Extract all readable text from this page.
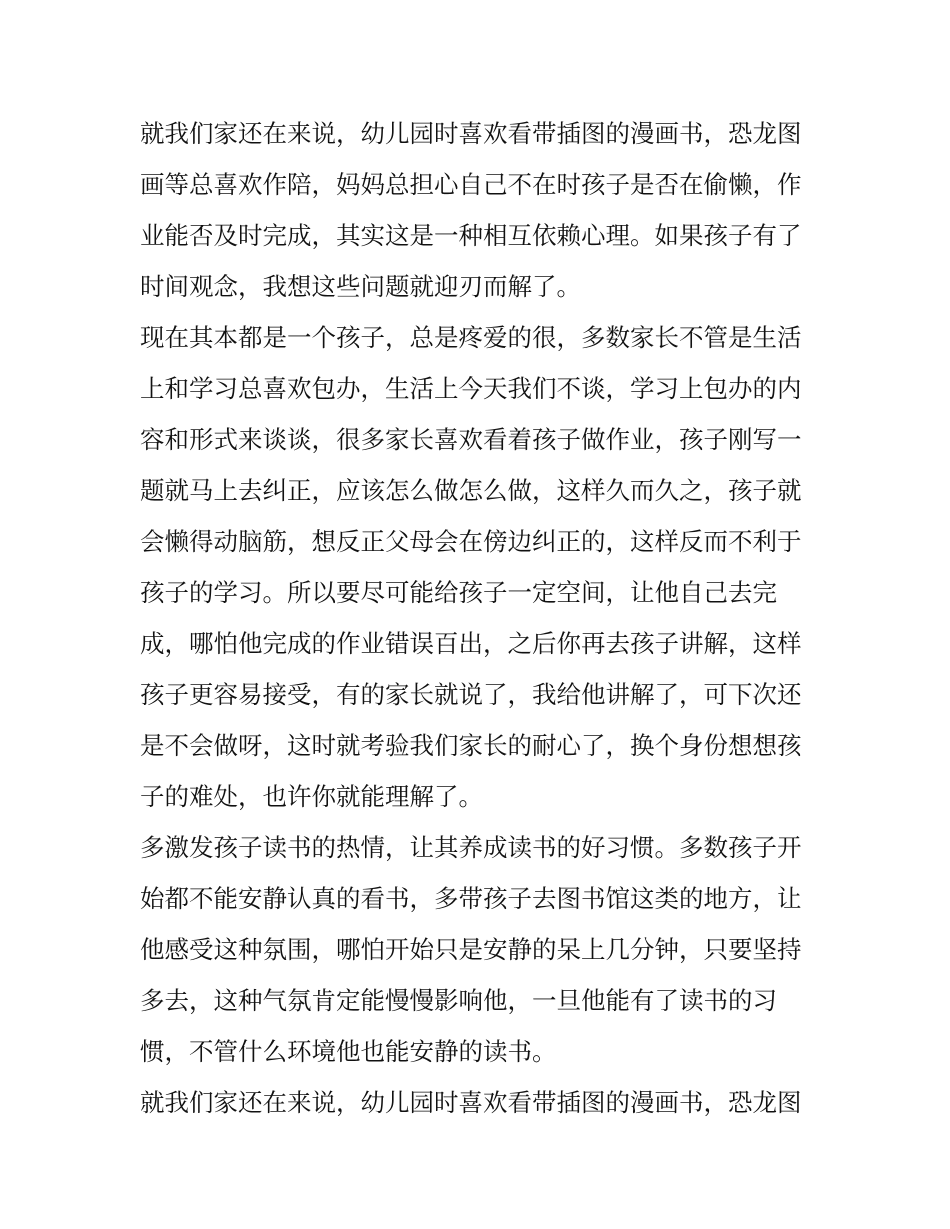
就我们家还在来说，幼儿园时喜欢看带插图的漫画书，恐龙图
画等总喜欢作陪，妈妈总担心自己不在时孩子是否在偷懒，作
业能否及时完成，其实这是一种相互依赖心理。如果孩子有了
时间观念，我想这些问题就迎刃而解了。
现在其本都是一个孩子，总是疼爱的很，多数家长不管是生活
上和学习总喜欢包办，生活上今天我们不谈，学习上包办的内
容和形式来谈谈，很多家长喜欢看着孩子做作业，孩子刚写一
题就马上去纠正，应该怎么做怎么做，这样久而久之，孩子就
会懒得动脑筋，想反正父母会在傍边纠正的，这样反而不利于
孩子的学习。所以要尽可能给孩子一定空间，让他自己去完
成，哪怕他完成的作业错误百出，之后你再去孩子讲解，这样
孩子更容易接受，有的家长就说了，我给他讲解了，可下次还
是不会做呀，这时就考验我们家长的耐心了，换个身份想想孩
子的难处，也许你就能理解了。
多激发孩子读书的热情，让其养成读书的好习惯。多数孩子开
始都不能安静认真的看书，多带孩子去图书馆这类的地方，让
他感受这种氛围，哪怕开始只是安静的呆上几分钟，只要坚持
多去，这种气氛肯定能慢慢影响他，一旦他能有了读书的习
惯，不管什么环境他也能安静的读书。
就我们家还在来说，幼儿园时喜欢看带插图的漫画书，恐龙图
